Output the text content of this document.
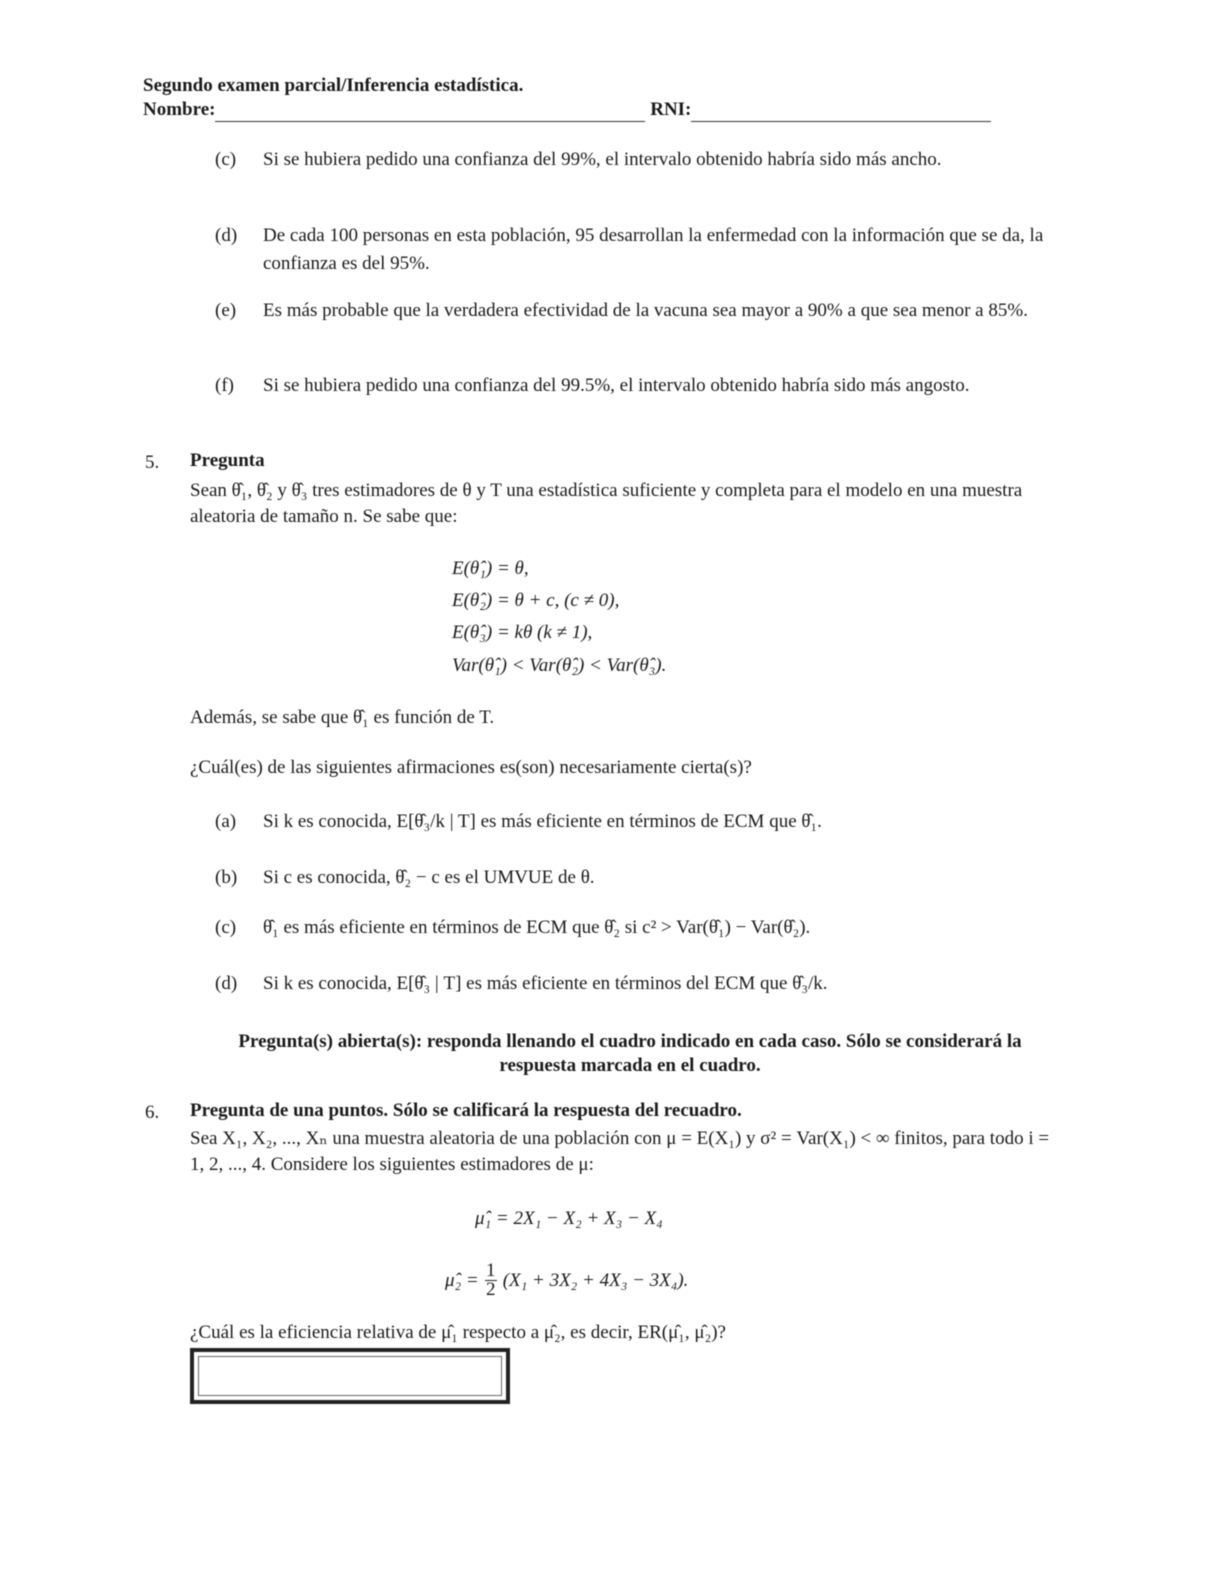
Segundo examen parcial/Inferencia estadística.
Nombre:	RNI:
(c)	Si se hubiera pedido una confianza del 99%, el intervalo obtenido habría sido más ancho.
(d)	De cada 100 personas en esta población, 95 desarrollan la enfermedad con la información que se da, la confianza es del 95%.
(e)	Es más probable que la verdadera efectividad de la vacuna sea mayor a 90% a que sea menor a 85%.
(f)	Si se hubiera pedido una confianza del 99.5%, el intervalo obtenido habría sido más angosto.
5. Pregunta
Sean θ̂₁, θ̂₂ y θ̂₃ tres estimadores de θ y T una estadística suficiente y completa para el modelo en una muestra aleatoria de tamaño n. Se sabe que:
E(θ̂₁) = θ,
E(θ̂₂) = θ + c, (c ≠ 0),
E(θ̂₃) = kθ (k ≠ 1),
Var(θ̂₁) < Var(θ̂₂) < Var(θ̂₃).
Además, se sabe que θ̂₁ es función de T.
¿Cuál(es) de las siguientes afirmaciones es(son) necesariamente cierta(s)?
(a)	Si k es conocida, E[θ̂₃/k | T] es más eficiente en términos de ECM que θ̂₁.
(b)	Si c es conocida, θ̂₂ − c es el UMVUE de θ.
(c)	θ̂₁ es más eficiente en términos de ECM que θ̂₂ si c² > Var(θ̂₁) − Var(θ̂₂).
(d)	Si k es conocida, E[θ̂₃ | T] es más eficiente en términos del ECM que θ̂₃/k.
Pregunta(s) abierta(s): responda llenando el cuadro indicado en cada caso. Sólo se considerará la respuesta marcada en el cuadro.
6. Pregunta de una puntos. Sólo se calificará la respuesta del recuadro.
Sea X₁, X₂, ..., Xₙ una muestra aleatoria de una población con μ = E(X₁) y σ² = Var(X₁) < ∞ finitos, para todo i = 1, 2, ..., 4. Considere los siguientes estimadores de μ:
μ̂₁ = 2X₁ − X₂ + X₃ − X₄
μ̂₂ = $\frac{1}{2} (X_1 + 3X_2 + 4X_3 - 3X_4)$.
¿Cuál es la eficiencia relativa de μ̂₁ respecto a μ̂₂, es decir, ER(μ̂₁, μ̂₂)?
